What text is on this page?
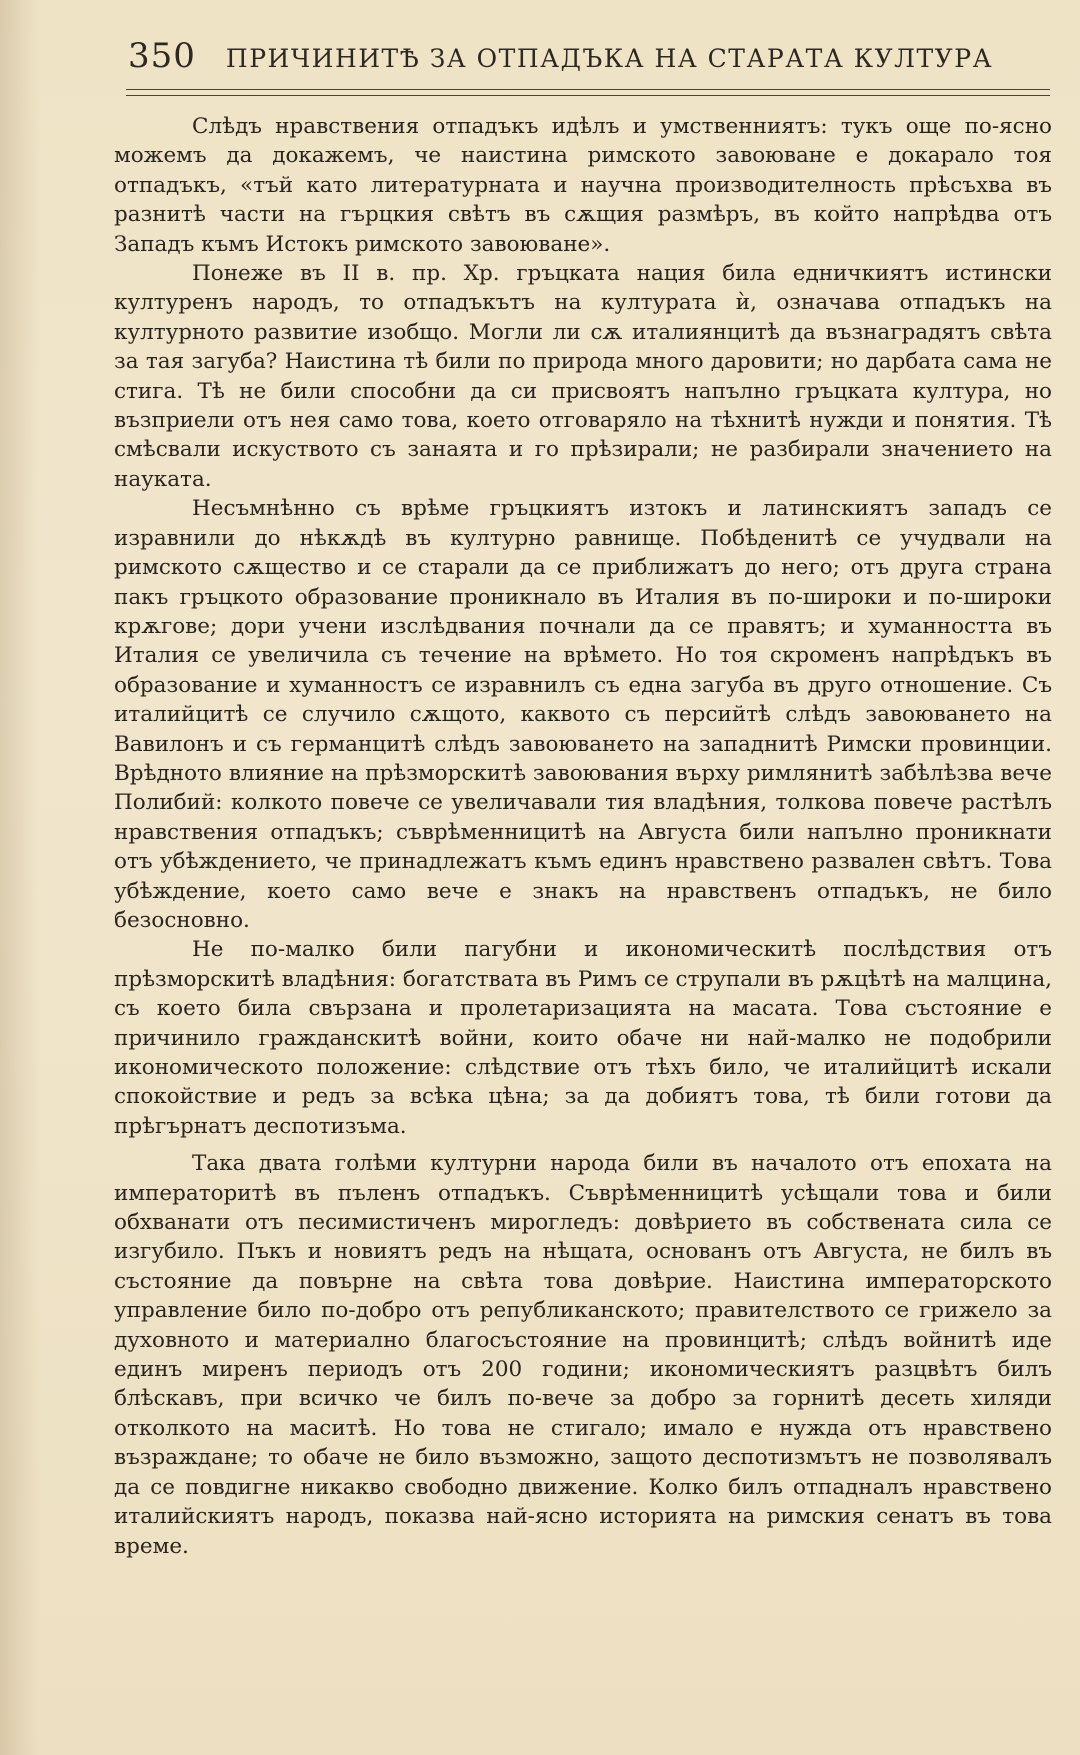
350 ПРИЧИНИТѢ ЗА ОТПАДЪКА НА СТАРАТА КУЛТУРА

Слѣдъ нравствения отпадъкъ идѣлъ и умственниятъ: тукъ още по-ясно можемъ да докажемъ, че наистина римското завоюване е докарало тоя отпадъкъ, «тъй като литературната и научна производителность прѣсъхва въ разнитѣ части на гърцкия свѣтъ въ сѫщия размѣръ, въ който напрѣдва отъ Западъ къмъ Истокъ римското завоюване».

Понеже въ II в. пр. Хр. гръцката нация била едничкиятъ истински културенъ народъ, то отпадъкътъ на културата ѝ, означава отпадъкъ на културното развитие изобщо. Могли ли сѫ италиянцитѣ да възнаградятъ свѣта за тая загуба? Наистина тѣ били по природа много даровити; но дарбата сама не стига. Тѣ не били способни да си присвоятъ напълно гръцката култура, но възприели отъ нея само това, което отговаряло на тѣхнитѣ нужди и понятия. Тѣ смѣсвали искуството съ занаята и го прѣзирали; не разбирали значението на науката.

Несъмнѣнно съ врѣме гръцкиятъ изтокъ и латинскиятъ западъ се изравнили до нѣкѫдѣ въ културно равнище. Побѣденитѣ се учудвали на римското сѫщество и се старали да се приближатъ до него; отъ друга страна пакъ гръцкото образование проникнало въ Италия въ по-широки и по-широки крѫгове; дори учени изслѣдвания почнали да се правятъ; и хуманността въ Италия се увеличила съ течение на врѣмето. Но тоя скроменъ напрѣдъкъ въ образование и хуманностъ се изравнилъ съ една загуба въ друго отношение. Съ италийцитѣ се случило сѫщото, каквото съ персийтѣ слѣдъ завоюването на Вавилонъ и съ германцитѣ слѣдъ завоюването на западнитѣ Римски провинции. Врѣдното влияние на прѣзморскитѣ завоювания върху римлянитѣ забѣлѣзва вече Полибий: колкото повече се увеличавали тия владѣния, толкова повече растѣлъ нравствения отпадъкъ; съврѣменницитѣ на Августа били напълно проникнати отъ убѣждението, че принадлежатъ къмъ единъ нравствено развален свѣтъ. Това убѣждение, което само вече е знакъ на нравственъ отпадъкъ, не било безосновно.

Не по-малко били пагубни и икономическитѣ послѣдствия отъ прѣзморскитѣ владѣния: богатствата въ Римъ се струпали въ рѫцѣтѣ на малцина, съ което била свързана и пролетаризацията на масата. Това състояние е причинило гражданскитѣ войни, които обаче ни най-малко не подобрили икономическото положение: слѣдствие отъ тѣхъ било, че италийцитѣ искали спокойствие и редъ за всѣка цѣна; за да добиятъ това, тѣ били готови да прѣгърнатъ деспотизъма.

Така двата голѣми културни народа били въ началото отъ епохата на императоритѣ въ пъленъ отпадъкъ. Съврѣменницитѣ усѣщали това и били обхванати отъ песимистиченъ мирогледъ: довѣрието въ собствената сила се изгубило. Пъкъ и новиятъ редъ на нѣщата, основанъ отъ Августа, не билъ въ състояние да повърне на свѣта това довѣрие. Наистина императорското управление било по-добро отъ републиканското; правителството се грижело за духовното и материално благосъстояние на провинцитѣ; слѣдъ войнитѣ иде единъ миренъ периодъ отъ 200 години; икономическиятъ разцвѣтъ билъ блѣскавъ, при всичко че билъ по-вече за добро за горнитѣ десеть хиляди отколкото на маситѣ. Но това не стигало; имало е нужда отъ нравствено възраждане; то обаче не било възможно, защото деспотизмътъ не позволявалъ да се повдигне никакво свободно движение. Колко билъ отпадналъ нравствено италийскиятъ народъ, показва най-ясно историята на римския сенатъ въ това време.
